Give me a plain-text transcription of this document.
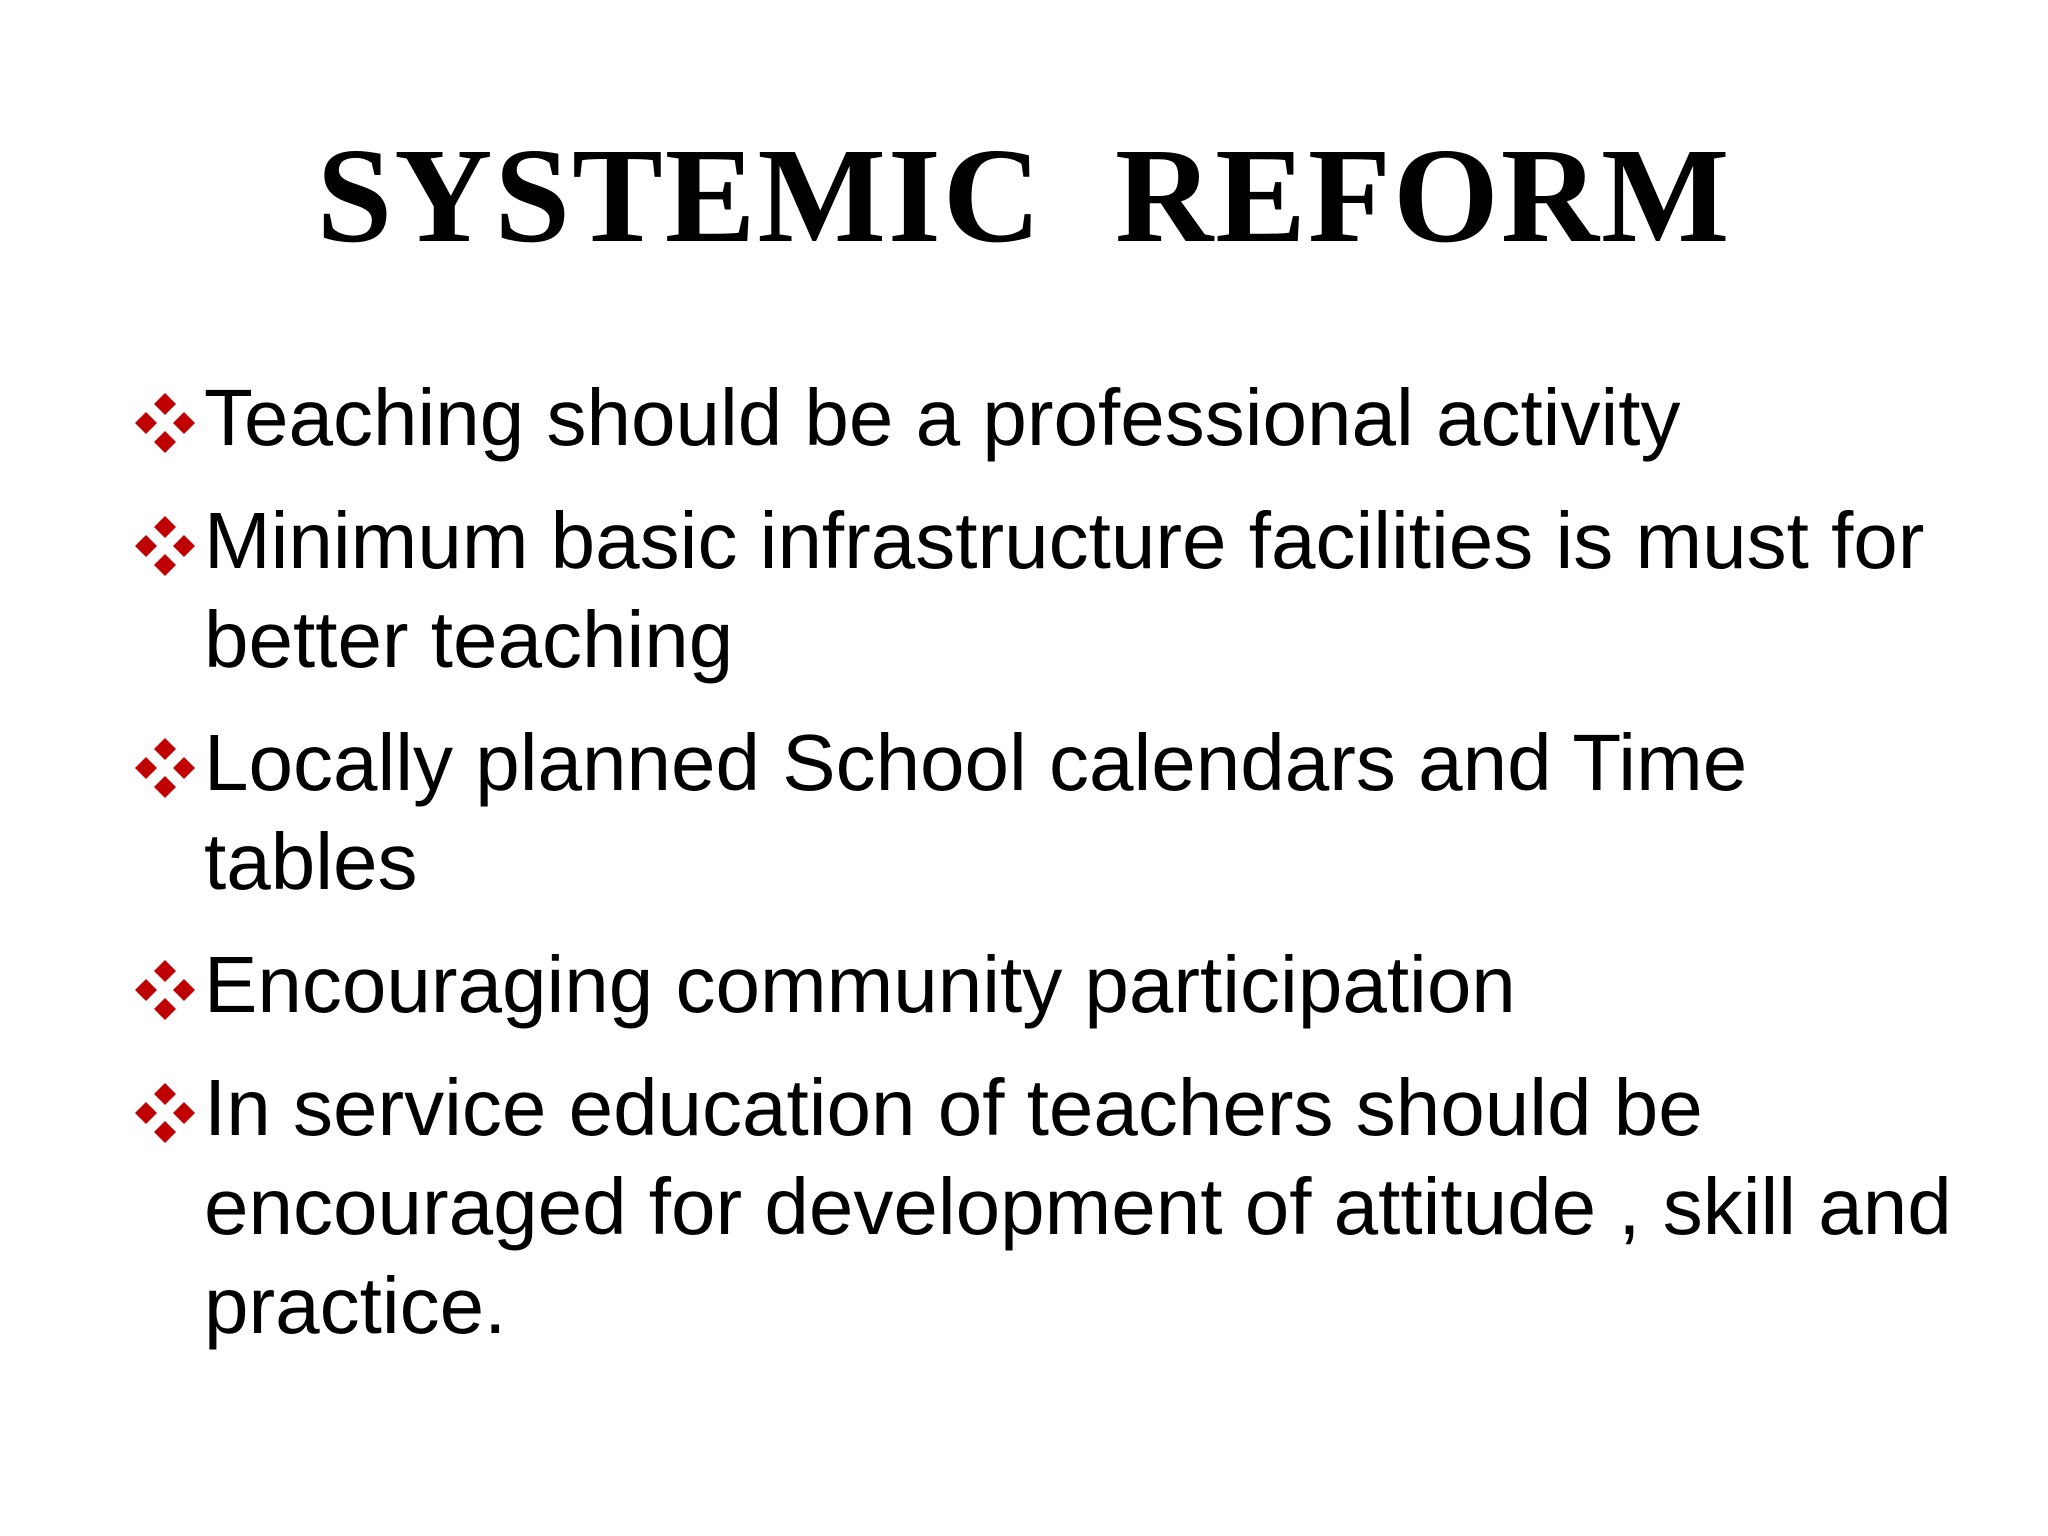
SYSTEMIC  REFORM
Teaching should be a professional activity
Minimum basic infrastructure facilities is must for better teaching
Locally planned School calendars and Time tables
Encouraging community participation
In service education of teachers should be encouraged for development of attitude , skill and practice.
